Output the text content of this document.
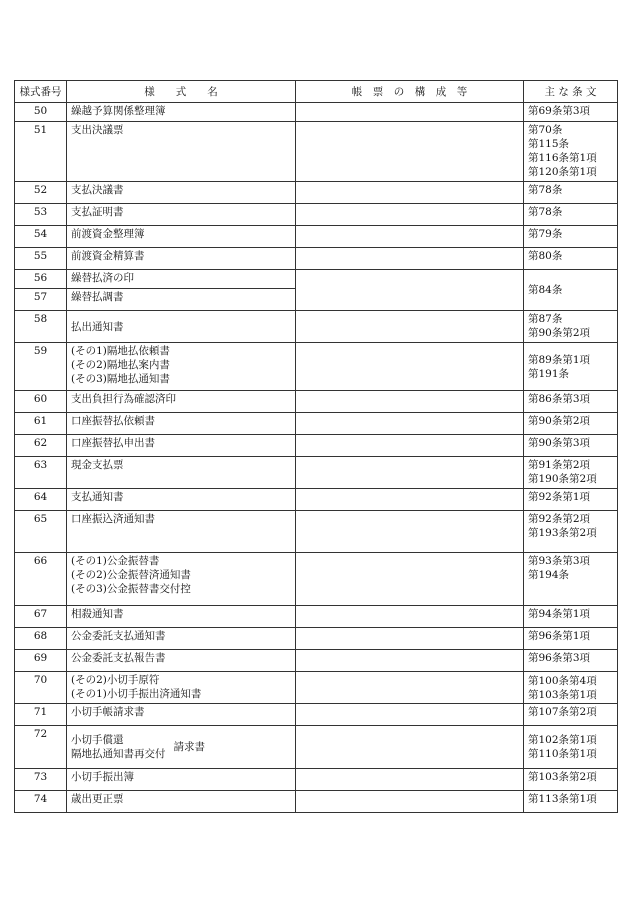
様式番号	様　　式　　名	帳　票　の　構　成　等	主 な 条 文
50	繰越予算関係整理簿		第69条第3項

51	支出決議票		第70条
第115条
第116条第1項
第120条第1項

52	支払決議書		第78条

53	支払証明書		第78条

54	前渡資金整理簿		第79条

55	前渡資金精算書		第80条

56	繰替払済の印		第84条

57	繰替払調書		

58	払出通知書		第87条
第90条第2項

59	(その1)隔地払依頼書
(その2)隔地払案内書
(その3)隔地払通知書		第89条第1項
第191条

60	支出負担行為確認済印		第86条第3項

61	口座振替払依頼書		第90条第2項

62	口座振替払申出書		第90条第3項

63	現金支払票		第91条第2項
第190条第2項

64	支払通知書		第92条第1項

65	口座振込済通知書		第92条第2項
第193条第2項

66	(その1)公金振替書
(その2)公金振替済通知書
(その3)公金振替書交付控		第93条第3項
第194条

67	相殺通知書		第94条第1項

68	公金委託支払通知書		第96条第1項

69	公金委託支払報告書		第96条第3項

70	(その2)小切手原符
(その1)小切手振出済通知書		第100条第4項
第103条第1項

71	小切手帳請求書		第107条第2項

72	小切手償還
隔地払通知書再交付
請求書		第102条第1項
第110条第1項

73	小切手振出簿		第103条第2項

74	歳出更正票		第113条第1項
